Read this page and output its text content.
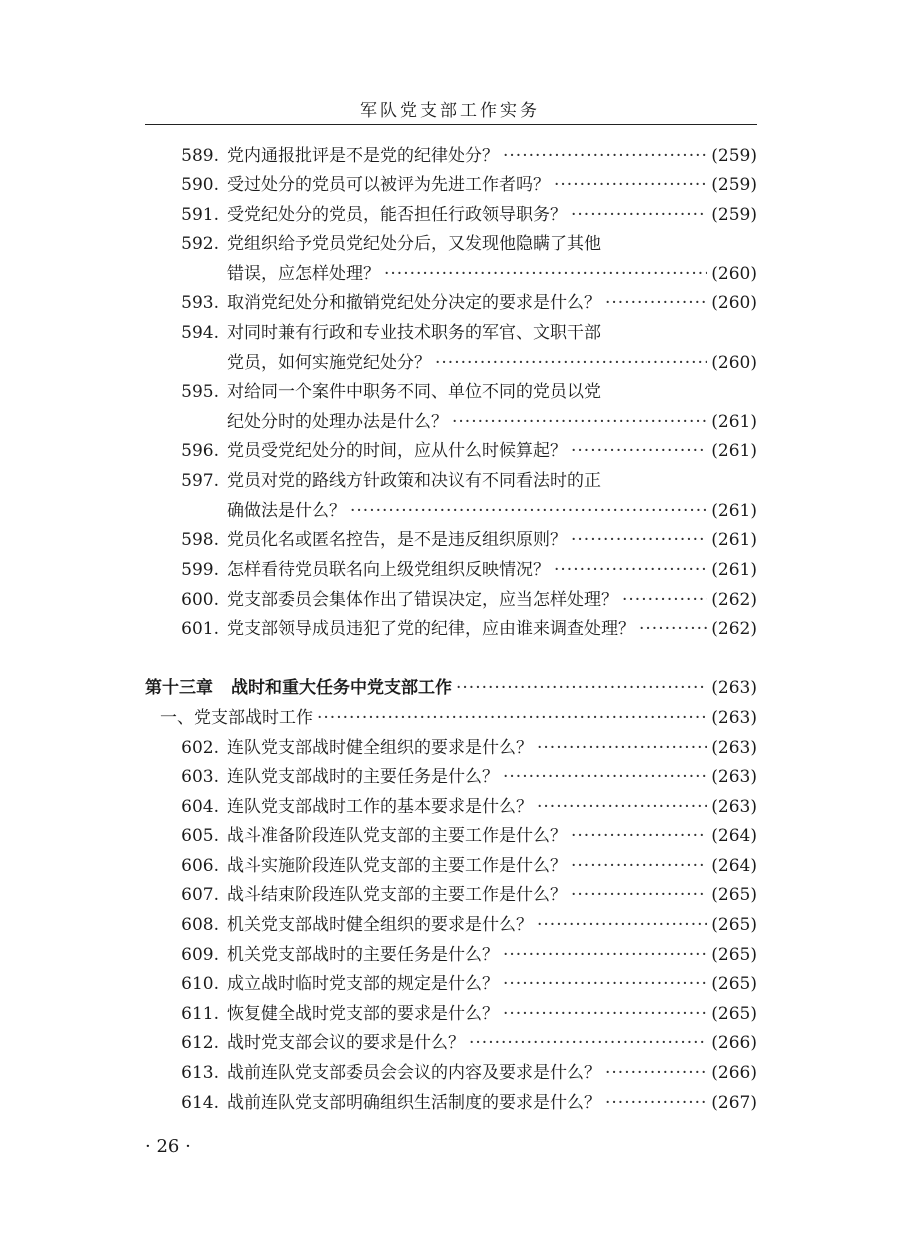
军队党支部工作实务
589. 党内通报批评是不是党的纪律处分？ ·····	(259)
590. 受过处分的党员可以被评为先进工作者吗？ ·····	(259)
591. 受党纪处分的党员，能否担任行政领导职务？ ·····	(259)
592. 党组织给予党员党纪处分后，又发现他隐瞒了其他
错误，应怎样处理？ ·····	(260)
593. 取消党纪处分和撤销党纪处分决定的要求是什么？ ·····	(260)
594. 对同时兼有行政和专业技术职务的军官、文职干部
党员，如何实施党纪处分？ ·····	(260)
595. 对给同一个案件中职务不同、单位不同的党员以党
纪处分时的处理办法是什么？ ·····	(261)
596. 党员受党纪处分的时间，应从什么时候算起？ ·····	(261)
597. 党员对党的路线方针政策和决议有不同看法时的正
确做法是什么？ ·····	(261)
598. 党员化名或匿名控告，是不是违反组织原则？ ·····	(261)
599. 怎样看待党员联名向上级党组织反映情况？ ·····	(261)
600. 党支部委员会集体作出了错误决定，应当怎样处理？ ·····	(262)
601. 党支部领导成员违犯了党的纪律，应由谁来调查处理？ ·····	(262)
第十三章 战时和重大任务中党支部工作 ·····	(263)
一、党支部战时工作 ·····	(263)
602. 连队党支部战时健全组织的要求是什么？ ·····	(263)
603. 连队党支部战时的主要任务是什么？ ·····	(263)
604. 连队党支部战时工作的基本要求是什么？ ·····	(263)
605. 战斗准备阶段连队党支部的主要工作是什么？ ·····	(264)
606. 战斗实施阶段连队党支部的主要工作是什么？ ·····	(264)
607. 战斗结束阶段连队党支部的主要工作是什么？ ·····	(265)
608. 机关党支部战时健全组织的要求是什么？ ·····	(265)
609. 机关党支部战时的主要任务是什么？ ·····	(265)
610. 成立战时临时党支部的规定是什么？ ·····	(265)
611. 恢复健全战时党支部的要求是什么？ ·····	(265)
612. 战时党支部会议的要求是什么？ ·····	(266)
613. 战前连队党支部委员会会议的内容及要求是什么？ ·····	(266)
614. 战前连队党支部明确组织生活制度的要求是什么？ ·····	(267)
· 26 ·
